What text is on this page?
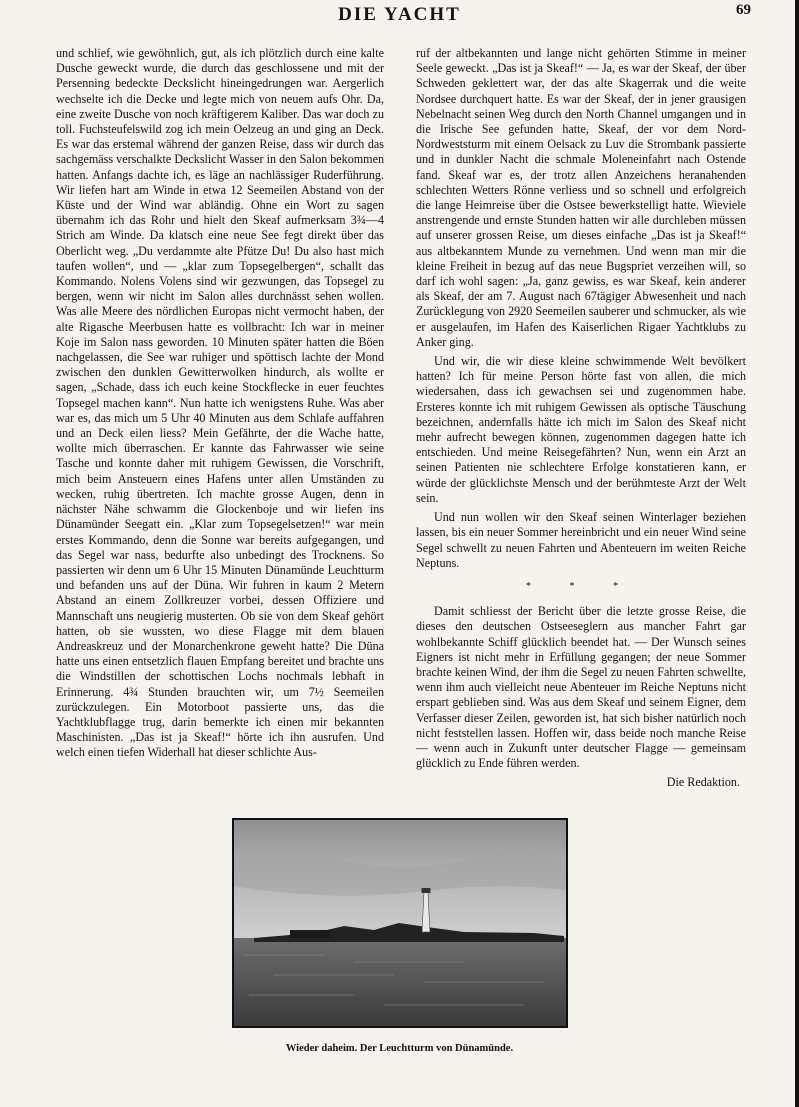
DIE YACHT	69

und schlief, wie gewöhnlich, gut, als ich plötzlich durch eine kalte Dusche geweckt wurde, die durch das geschlossene und mit der Persenning bedeckte Deckslicht hineingedrungen war. Aergerlich wechselte ich die Decke und legte mich von neuem aufs Ohr. Da, eine zweite Dusche von noch kräftigerem Kaliber. Das war doch zu toll. Fuchsteufelswild zog ich mein Oelzeug an und ging an Deck. Es war das erstemal während der ganzen Reise, dass wir durch das sachgemäss verschalkte Deckslicht Wasser in den Salon bekommen hatten. Anfangs dachte ich, es läge an nachlässiger Ruderführung. Wir liefen hart am Winde in etwa 12 Seemeilen Abstand von der Küste und der Wind war abländig. Ohne ein Wort zu sagen übernahm ich das Rohr und hielt den Skeaf aufmerksam 3¾—4 Strich am Winde. Da klatsch eine neue See fegt direkt über das Oberlicht weg. „Du verdammte alte Pfütze Du! Du also hast mich taufen wollen“, und — „klar zum Topsegelbergen“, schallt das Kommando. Nolens Volens sind wir gezwungen, das Topsegel zu bergen, wenn wir nicht im Salon alles durchnässt sehen wollen. Was alle Meere des nördlichen Europas nicht vermocht haben, der alte Rigasche Meerbusen hatte es vollbracht: Ich war in meiner Koje im Salon nass geworden. 10 Minuten später hatten die Böen nachgelassen, die See war ruhiger und spöttisch lachte der Mond zwischen den dunklen Gewitterwolken hindurch, als wollte er sagen, „Schade, dass ich euch keine Stockflecke in euer feuchtes Topsegel machen kann“. Nun hatte ich wenigstens Ruhe. Was aber war es, das mich um 5 Uhr 40 Minuten aus dem Schlafe auffahren und an Deck eilen liess? Mein Gefährte, der die Wache hatte, wollte mich überraschen. Er kannte das Fahrwasser wie seine Tasche und konnte daher mit ruhigem Gewissen, die Vorschrift, mich beim Ansteuern eines Hafens unter allen Umständen zu wecken, ruhig übertreten. Ich machte grosse Augen, denn in nächster Nähe schwamm die Glockenboje und wir liefen ins Dünamünder Seegatt ein. „Klar zum Topsegelsetzen!“ war mein erstes Kommando, denn die Sonne war bereits aufgegangen, und das Segel war nass, bedurfte also unbedingt des Trocknens. So passierten wir denn um 6 Uhr 15 Minuten Dünamünde Leuchtturm und befanden uns auf der Düna. Wir fuhren in kaum 2 Metern Abstand an einem Zollkreuzer vorbei, dessen Offiziere und Mannschaft uns neugierig musterten. Ob sie von dem Skeaf gehört hatten, ob sie wussten, wo diese Flagge mit dem blauen Andreaskreuz und der Monarchenkrone geweht hatte? Die Düna hatte uns einen entsetzlich flauen Empfang bereitet und brachte uns die Windstillen der schottischen Lochs nochmals lebhaft in Erinnerung. 4¾ Stunden brauchten wir, um 7½ Seemeilen zurückzulegen. Ein Motorboot passierte uns, das die Yachtklubflagge trug, darin bemerkte ich einen mir bekannten Maschinisten. „Das ist ja Skeaf!“ hörte ich ihn ausrufen. Und welch einen tiefen Widerhall hat dieser schlichte Aus-

ruf der altbekannten und lange nicht gehörten Stimme in meiner Seele geweckt. „Das ist ja Skeaf!“ — Ja, es war der Skeaf, der über Schweden geklettert war, der das alte Skagerrak und die weite Nordsee durchquert hatte. Es war der Skeaf, der in jener grausigen Nebelnacht seinen Weg durch den North Channel umgangen und in die Irische See gefunden hatte, Skeaf, der vor dem Nord-Nordweststurm mit einem Oelsack zu Luv die Strombank passierte und in dunkler Nacht die schmale Moleneinfahrt nach Ostende fand. Skeaf war es, der trotz allen Anzeichens heranahenden schlechten Wetters Rönne verliess und so schnell und erfolgreich die lange Heimreise über die Ostsee bewerkstelligt hatte. Wieviele anstrengende und ernste Stunden hatten wir alle durchleben müssen auf unserer grossen Reise, um dieses einfache „Das ist ja Skeaf!“ aus altbekanntem Munde zu vernehmen. Und wenn man mir die kleine Freiheit in bezug auf das neue Bugspriet verzeihen will, so darf ich wohl sagen: „Ja, ganz gewiss, es war Skeaf, kein anderer als Skeaf, der am 7. August nach 67tägiger Abwesenheit und nach Zurücklegung von 2920 Seemeilen sauberer und schmucker, als wie er ausgelaufen, im Hafen des Kaiserlichen Rigaer Yachtklubs zu Anker ging.

Und wir, die wir diese kleine schwimmende Welt bevölkert hatten? Ich für meine Person hörte fast von allen, die mich wiedersahen, dass ich gewachsen sei und zugenommen habe. Ersteres konnte ich mit ruhigem Gewissen als optische Täuschung bezeichnen, andernfalls hätte ich mich im Salon des Skeaf nicht mehr aufrecht bewegen können, zugenommen dagegen hatte ich entschieden. Und meine Reisegefährten? Nun, wenn ein Arzt an seinen Patienten nie schlechtere Erfolge konstatieren kann, er würde der glücklichste Mensch und der berühmteste Arzt der Welt sein.

Und nun wollen wir den Skeaf seinen Winterlager beziehen lassen, bis ein neuer Sommer hereinbricht und ein neuer Wind seine Segel schwellt zu neuen Fahrten und Abenteuern im weiten Reiche Neptuns.

* * *

Damit schliesst der Bericht über die letzte grosse Reise, die dieses den deutschen Ostseeseglern aus mancher Fahrt gar wohlbekannte Schiff glücklich beendet hat. — Der Wunsch seines Eigners ist nicht mehr in Erfüllung gegangen; der neue Sommer brachte keinen Wind, der ihm die Segel zu neuen Fahrten schwellte, wenn ihm auch vielleicht neue Abenteuer im Reiche Neptuns nicht erspart geblieben sind. Was aus dem Skeaf und seinem Eigner, dem Verfasser dieser Zeilen, geworden ist, hat sich bisher natürlich noch nicht feststellen lassen. Hoffen wir, dass beide noch manche Reise — wenn auch in Zukunft unter deutscher Flagge — gemeinsam glücklich zu Ende führen werden.

Die Redaktion.
Wieder daheim. Der Leuchtturm von Dünamünde.
